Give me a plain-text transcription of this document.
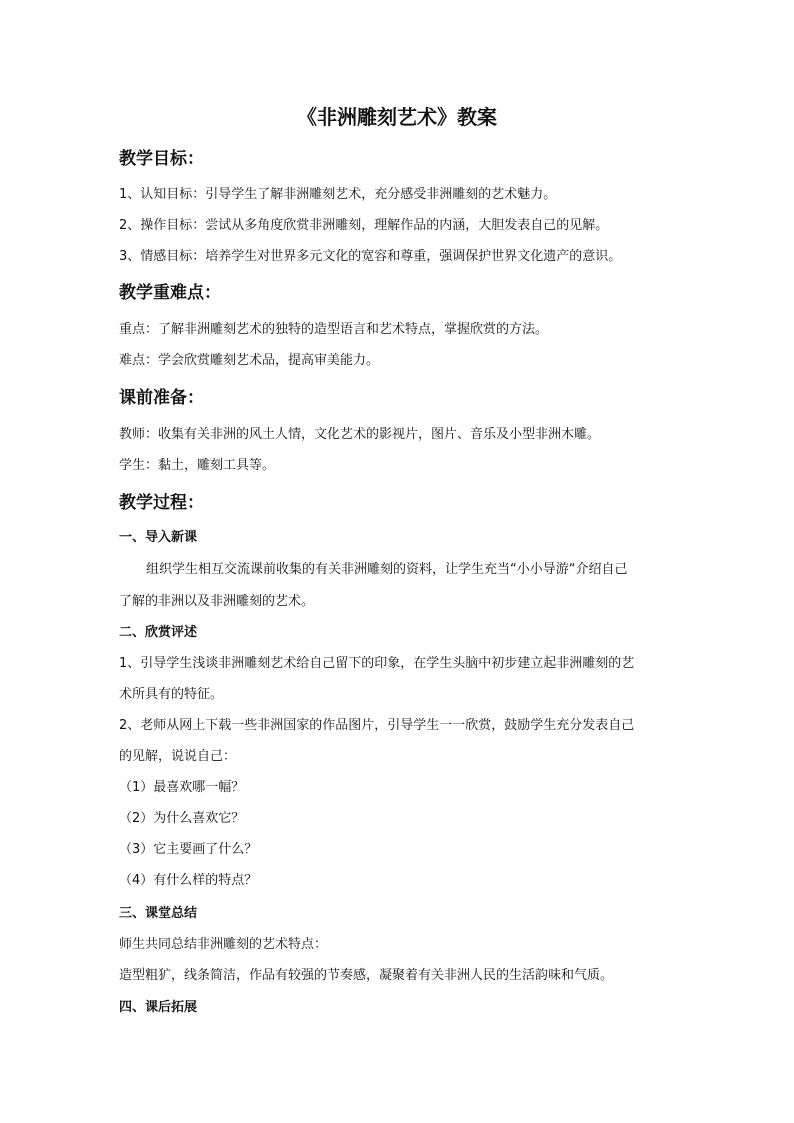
《非洲雕刻艺术》教案
教学目标：
1、认知目标：引导学生了解非洲雕刻艺术，充分感受非洲雕刻的艺术魅力。
2、操作目标：尝试从多角度欣赏非洲雕刻，理解作品的内涵，大胆发表自己的见解。
3、情感目标：培养学生对世界多元文化的宽容和尊重，强调保护世界文化遗产的意识。
教学重难点：
重点：了解非洲雕刻艺术的独特的造型语言和艺术特点，掌握欣赏的方法。
难点：学会欣赏雕刻艺术品，提高审美能力。
课前准备：
教师：收集有关非洲的风土人情，文化艺术的影视片，图片、音乐及小型非洲木雕。
学生：黏土，雕刻工具等。
教学过程：
一、导入新课
组织学生相互交流课前收集的有关非洲雕刻的资料，让学生充当“小小导游“介绍自己
了解的非洲以及非洲雕刻的艺术。
二、欣赏评述
1、引导学生浅谈非洲雕刻艺术给自己留下的印象，在学生头脑中初步建立起非洲雕刻的艺
术所具有的特征。
2、老师从网上下载一些非洲国家的作品图片，引导学生一一欣赏，鼓励学生充分发表自己
的见解，说说自己：
（1）最喜欢哪一幅？
（2）为什么喜欢它？
（3）它主要画了什么？
（4）有什么样的特点？
三、课堂总结
师生共同总结非洲雕刻的艺术特点：
造型粗犷，线条简洁，作品有较强的节奏感，凝聚着有关非洲人民的生活韵味和气质。
四、课后拓展
